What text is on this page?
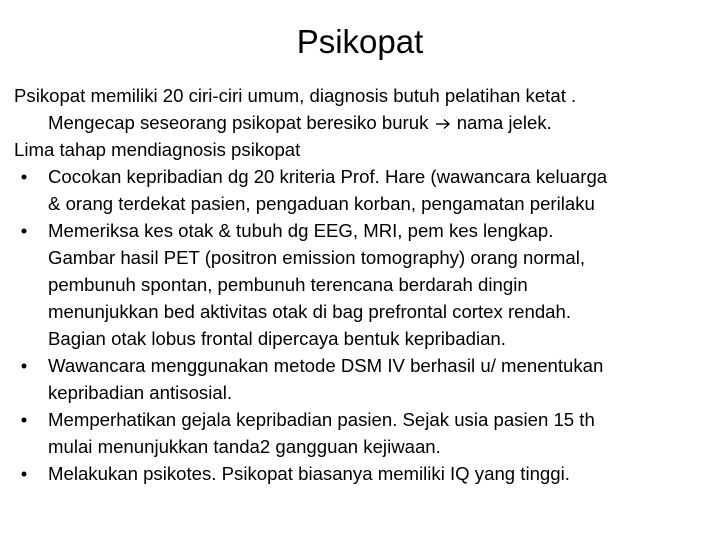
Psikopat

Psikopat memiliki 20 ciri-ciri umum, diagnosis butuh pelatihan ketat .
Mengecap seseorang psikopat beresiko buruk nama jelek.

Lima tahap mendiagnosis psikopat

•	Cocokan kepribadian dg 20 kriteria Prof. Hare (wawancara keluarga
& orang terdekat pasien, pengaduan korban, pengamatan perilaku
•	Memeriksa kes otak & tubuh dg EEG, MRI, pem kes lengkap.
Gambar hasil PET (positron emission tomography) orang normal,
pembunuh spontan, pembunuh terencana berdarah dingin
menunjukkan bed aktivitas otak di bag prefrontal cortex rendah.
Bagian otak lobus frontal dipercaya bentuk kepribadian.
•	Wawancara menggunakan metode DSM IV berhasil u/ menentukan
kepribadian antisosial.
•	Memperhatikan gejala kepribadian pasien. Sejak usia pasien 15 th
mulai menunjukkan tanda2 gangguan kejiwaan.
•	Melakukan psikotes. Psikopat biasanya memiliki IQ yang tinggi.
